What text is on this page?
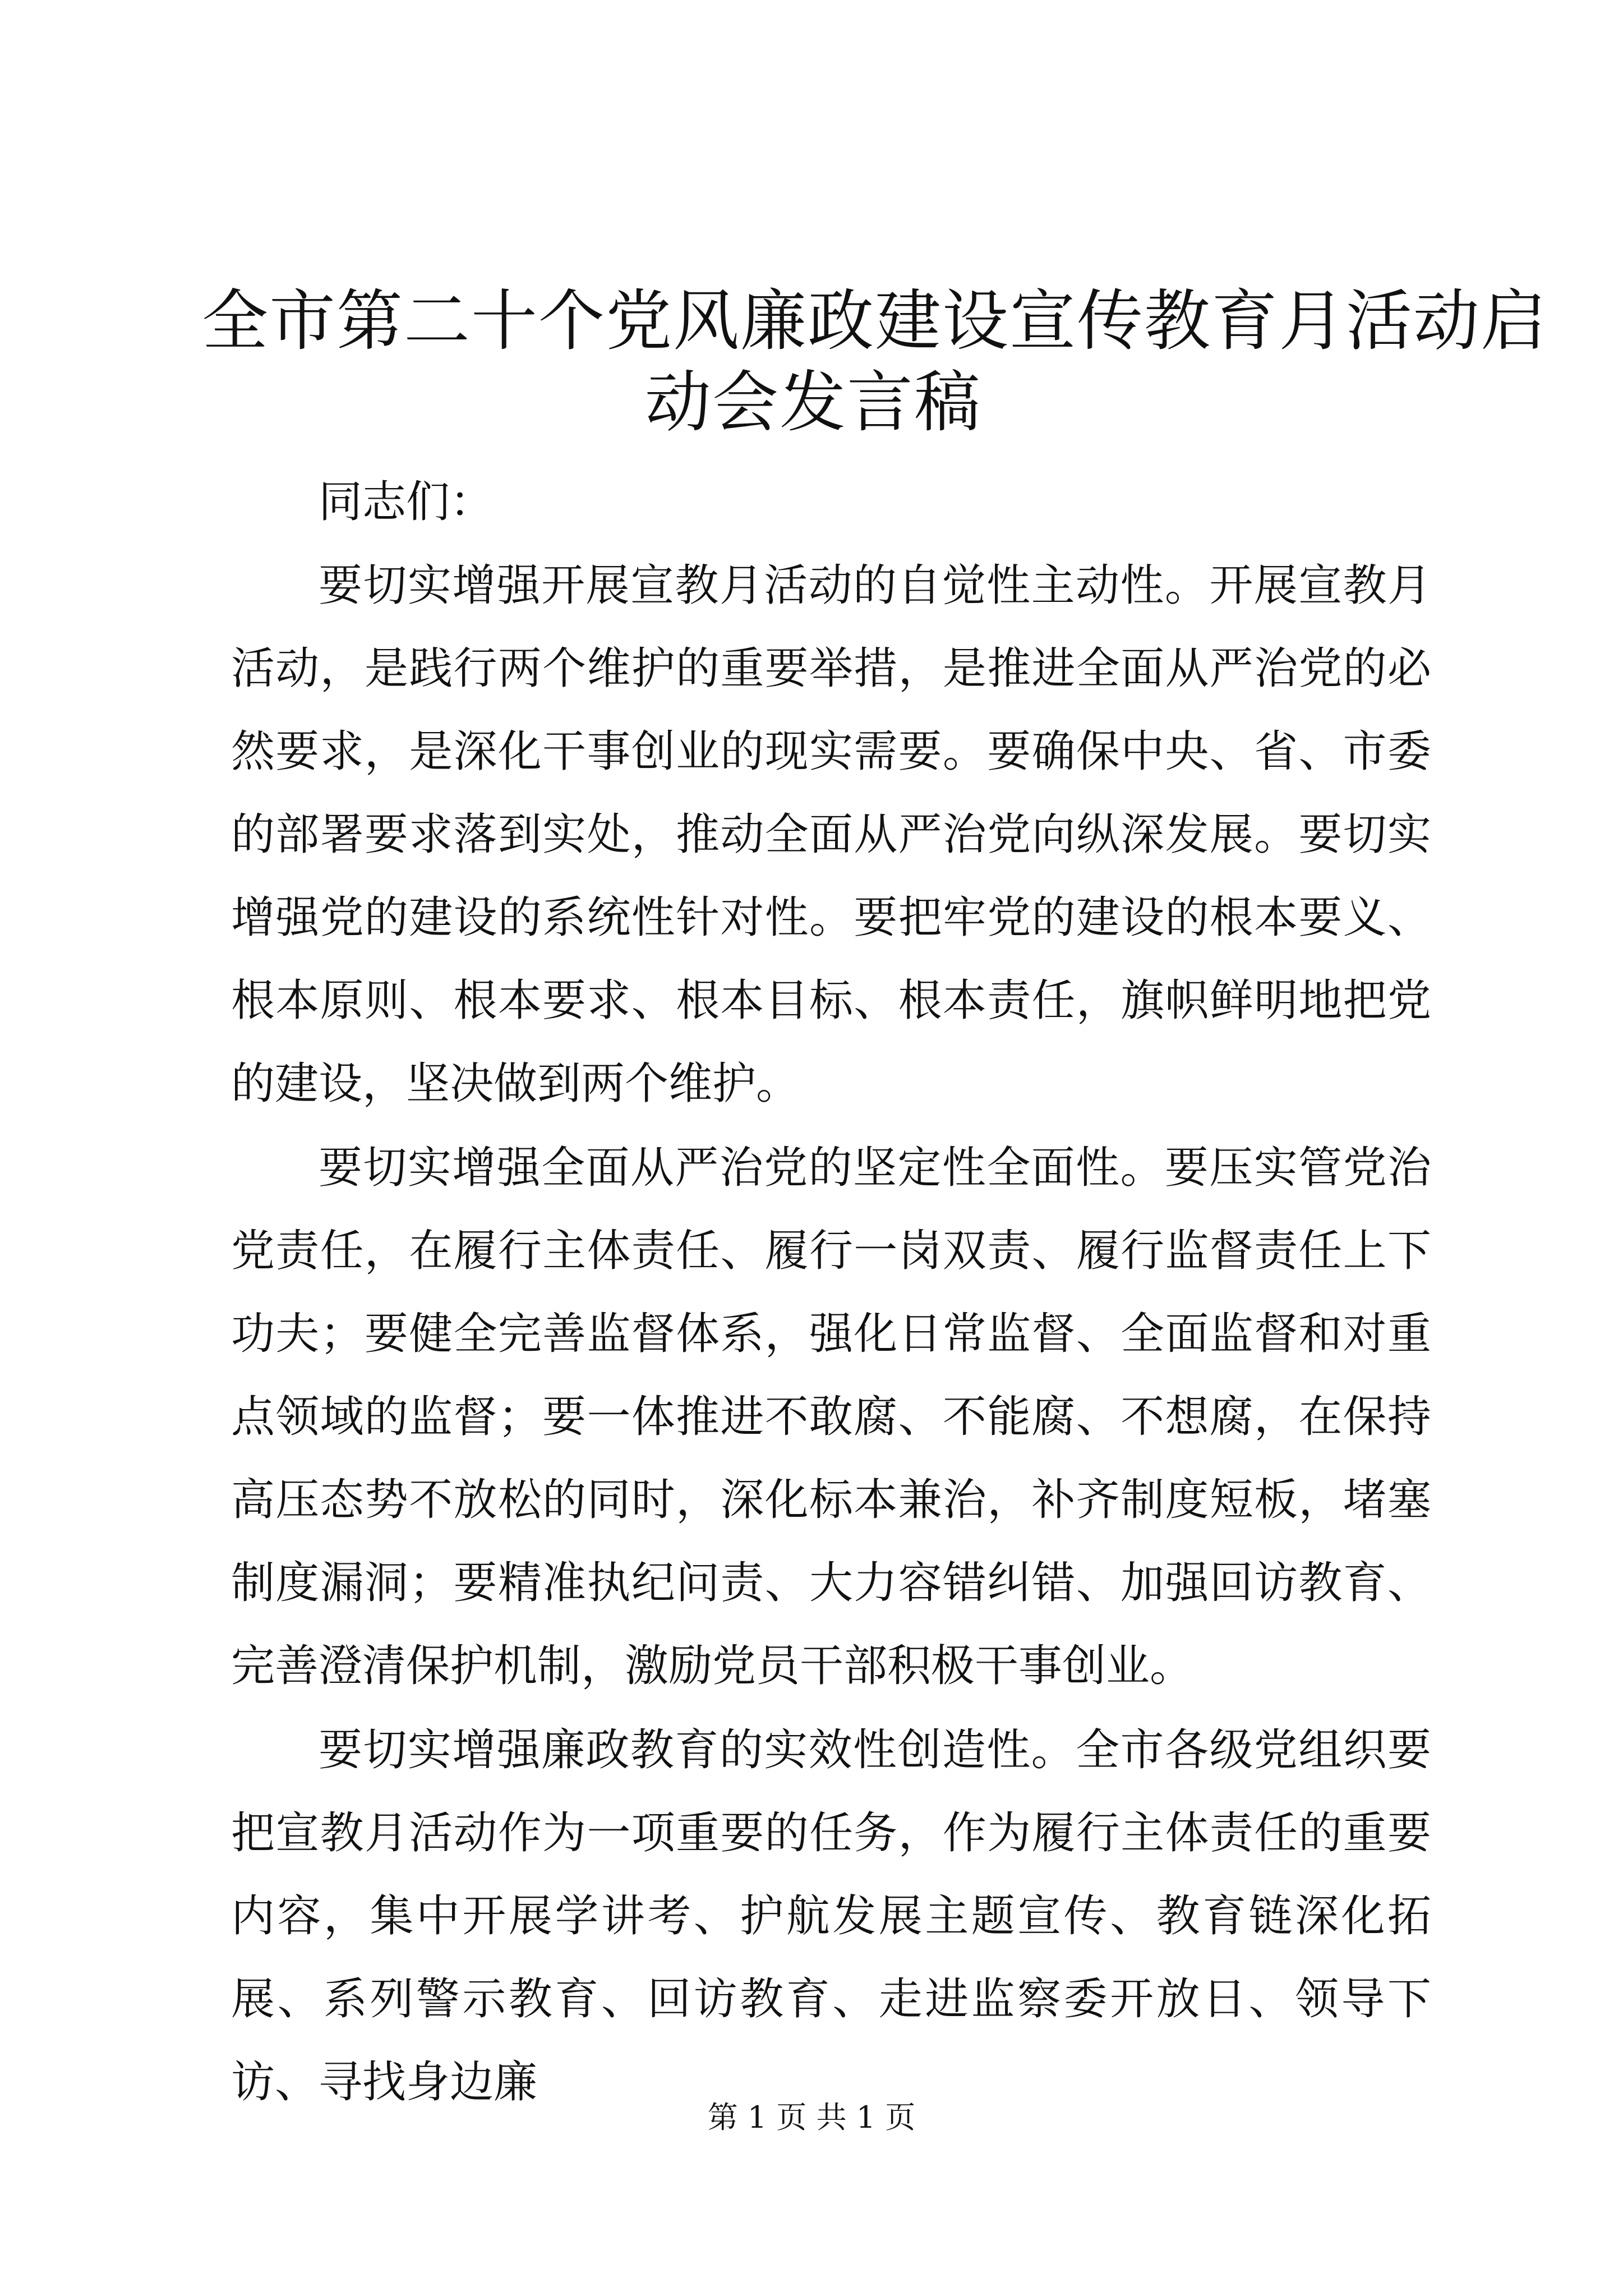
全市第二十个党风廉政建设宣传教育月活动启
动会发言稿

同志们：

要切实增强开展宣教月活动的自觉性主动性。开展宣教月活动，是践行两个维护的重要举措，是推进全面从严治党的必然要求，是深化干事创业的现实需要。要确保中央、省、市委的部署要求落到实处，推动全面从严治党向纵深发展。要切实增强党的建设的系统性针对性。要把牢党的建设的根本要义、根本原则、根本要求、根本目标、根本责任，旗帜鲜明地把党的建设，坚决做到两个维护。

要切实增强全面从严治党的坚定性全面性。要压实管党治党责任，在履行主体责任、履行一岗双责、履行监督责任上下功夫；要健全完善监督体系，强化日常监督、全面监督和对重点领域的监督；要一体推进不敢腐、不能腐、不想腐，在保持高压态势不放松的同时，深化标本兼治，补齐制度短板，堵塞制度漏洞；要精准执纪问责、大力容错纠错、加强回访教育、完善澄清保护机制，激励党员干部积极干事创业。

要切实增强廉政教育的实效性创造性。全市各级党组织要把宣教月活动作为一项重要的任务，作为履行主体责任的重要内容，集中开展学讲考、护航发展主题宣传、教育链深化拓展、系列警示教育、回访教育、走进监察委开放日、领导下访、寻找身边廉

第 1 页 共 1 页
